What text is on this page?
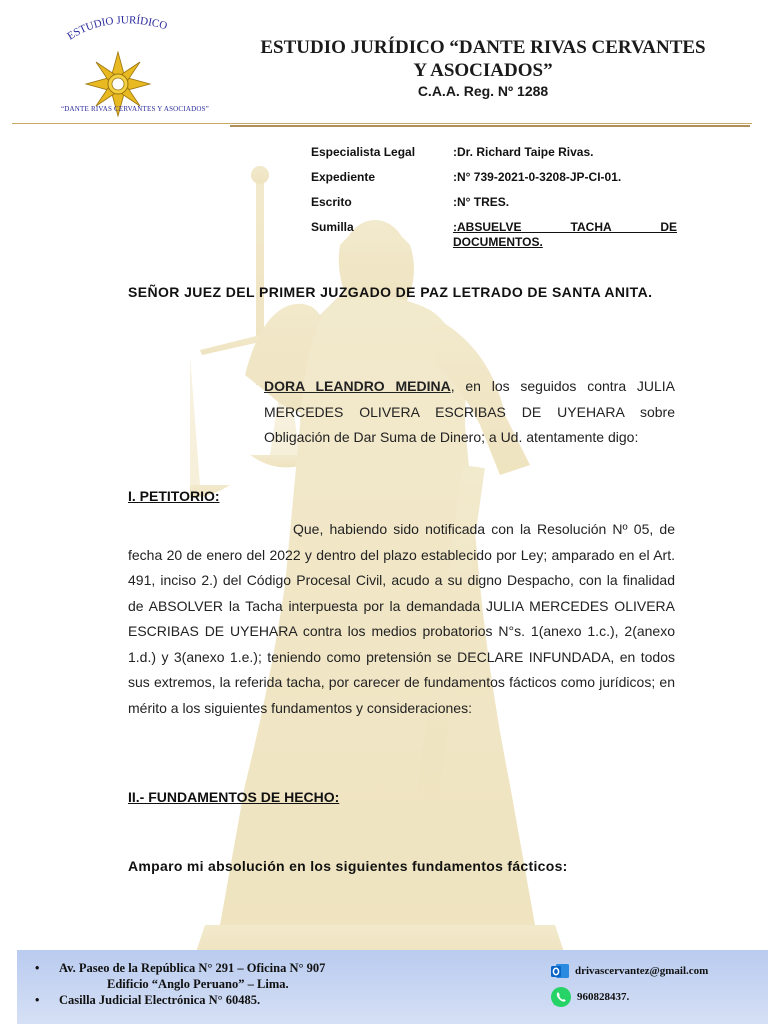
ESTUDIO JURÍDICO
“DANTE RIVAS CERVANTES Y ASOCIADOS”
ESTUDIO JURÍDICO “DANTE RIVAS CERVANTES
Y ASOCIADOS”
C.A.A. Reg. Nº 1288
Especialista Legal	:Dr. Richard Taipe Rivas.
Expediente	:N° 739-2021-0-3208-JP-CI-01.
Escrito	:N° TRES.
Sumilla	:ABSUELVE TACHA DE
DOCUMENTOS.
SEÑOR JUEZ DEL PRIMER JUZGADO DE PAZ LETRADO DE SANTA ANITA.
DORA LEANDRO MEDINA, en los seguidos contra JULIA MERCEDES OLIVERA ESCRIBAS DE UYEHARA sobre Obligación de Dar Suma de Dinero; a Ud. atentamente digo:
I. PETITORIO:
Que, habiendo sido notificada con la Resolución Nº 05, de fecha 20 de enero del 2022 y dentro del plazo establecido por Ley; amparado en el Art. 491, inciso 2.) del Código Procesal Civil, acudo a su digno Despacho, con la finalidad de ABSOLVER la Tacha interpuesta por la demandada JULIA MERCEDES OLIVERA ESCRIBAS DE UYEHARA contra los medios probatorios N°s. 1(anexo 1.c.), 2(anexo 1.d.) y 3(anexo 1.e.); teniendo como pretensión se DECLARE INFUNDADA, en todos sus extremos, la referida tacha, por carecer de fundamentos fácticos como jurídicos; en mérito a los siguientes fundamentos y consideraciones:
II.- FUNDAMENTOS DE HECHO:
Amparo mi absolución en los siguientes fundamentos fácticos:
• Av. Paseo de la República N° 291 – Oficina N° 907
Edificio “Anglo Peruano” – Lima.
• Casilla Judicial Electrónica N° 60485.
drivascervantez@gmail.com
960828437.
